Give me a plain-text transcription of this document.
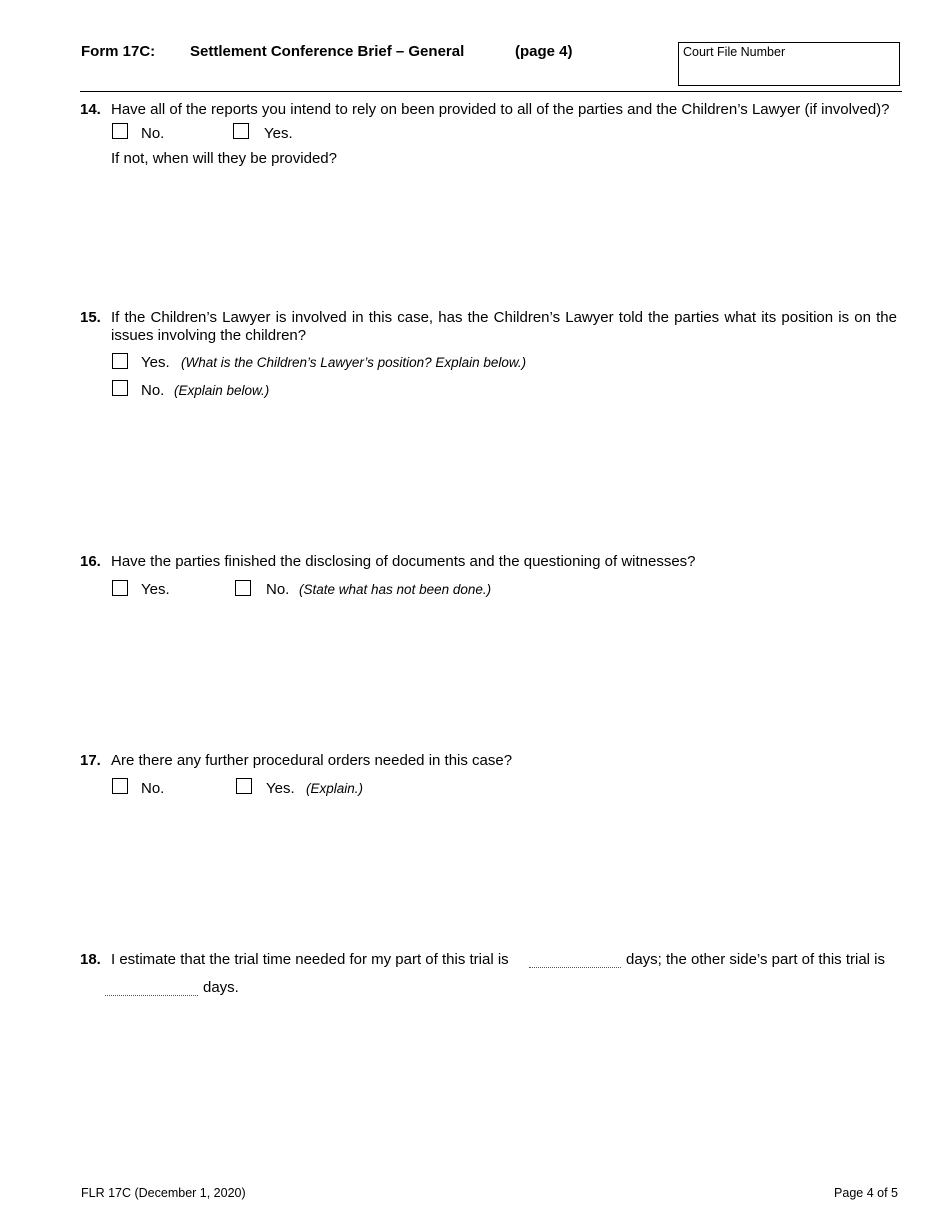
Form 17C: Settlement Conference Brief – General	(page 4)	Court File Number
14. Have all of the reports you intend to rely on been provided to all of the parties and the Children’s Lawyer (if involved)?
No.	Yes.
If not, when will they be provided?
15. If the Children’s Lawyer is involved in this case, has the Children’s Lawyer told the parties what its position is on the issues involving the children?
Yes. (What is the Children’s Lawyer’s position? Explain below.)
No. (Explain below.)
16. Have the parties finished the disclosing of documents and the questioning of witnesses?
Yes.	No. (State what has not been done.)
17. Are there any further procedural orders needed in this case?
No.	Yes. (Explain.)
18. I estimate that the trial time needed for my part of this trial is	days; the other side’s part of this trial is
days.
FLR 17C (December 1, 2020)	Page 4 of 5
